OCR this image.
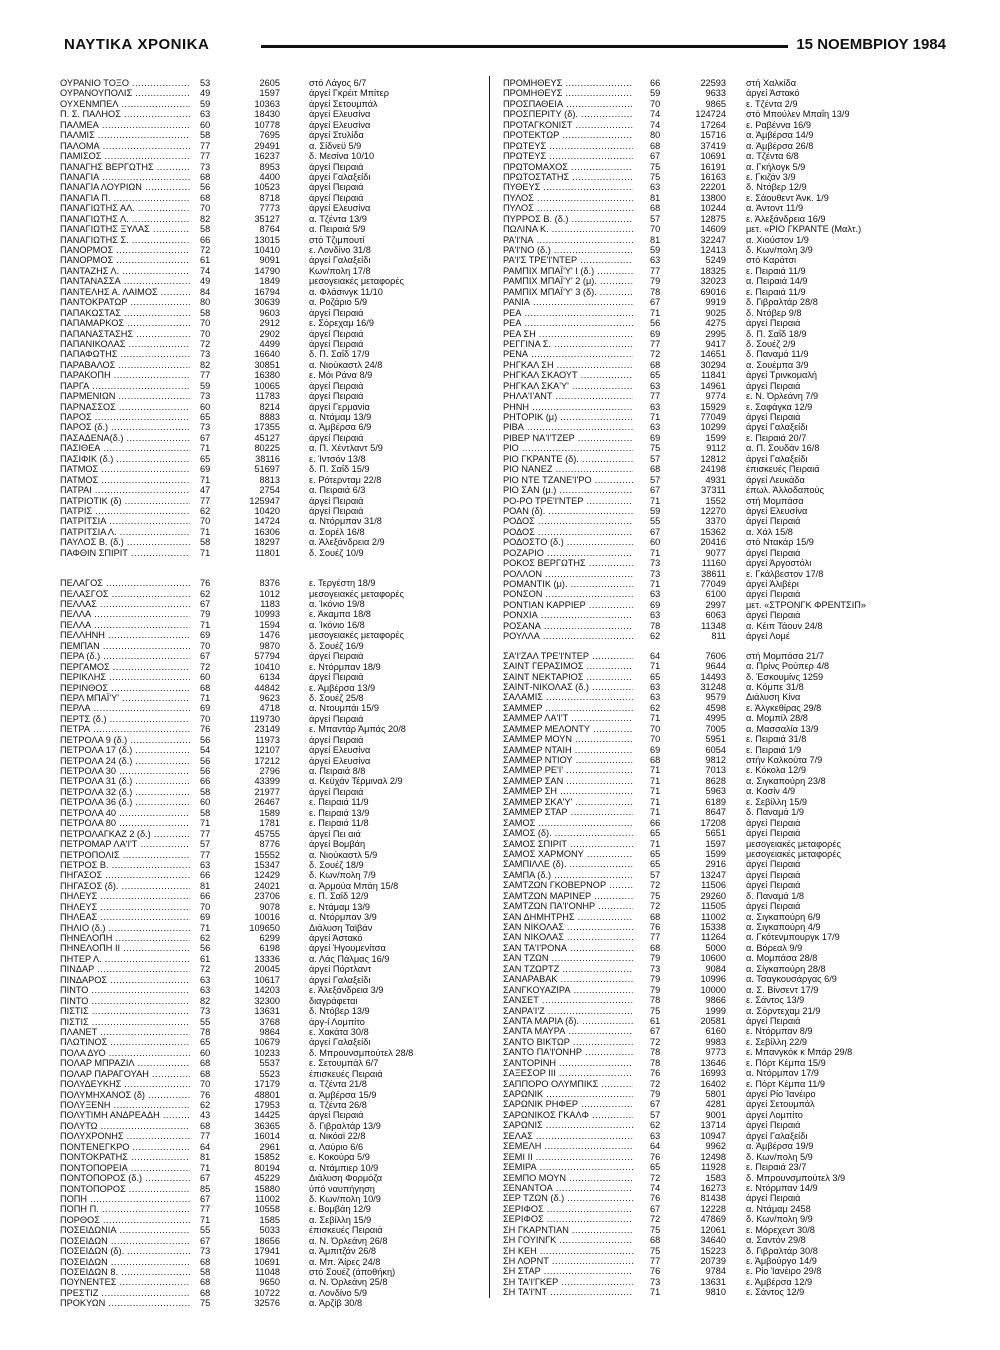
ΝΑΥΤΙΚΑ ΧΡΟΝΙΚΑ	15 ΝΟΕΜΒΡΙΟΥ 1984
ΟΥΡΑΝΙΟ ΤΟΞΟ .....	53	2605	στό Λάγος 6/7
ΟΥΡΑΝΟΥΠΟΛΙΣ .....	49	1597	άργεί Γκρέιτ Μπίτερ
ΟΥΧΕΝΜΠΕΛ .....	59	10363	άργεί Σετουμπάλ
Π. Σ. ΠΑΛΗΟΣ .....	63	18430	άργεί Ελευσίνα
ΠΑΛΜΕΑ .....	60	10778	άργεί Ελευσίνα
ΠΑΛΜΙΣ .....	58	7695	άργεί Στυλίδα
ΠΑΛΟΜΑ .....	77	29491	α. Σίδνεϋ 5/9
ΠΑΜΙΣΟΣ .....	77	16237	δ. Μεσίνα 10/10
ΠΑΝΑΓΗΣ ΒΕΡΓΩΤΗΣ .....	73	8953	άργεί Πειραιά
ΠΑΝΑΓΙΑ .....	68	4400	άργεί Γαλαξείδι
ΠΑΝΑΓΙΑ ΛΟΥΡΙΩΝ .....	56	10523	άργεί Πειραιά
ΠΑΝΑΓΙΑ Π. .....	68	8718	άργεί Πειραιά
ΠΑΝΑΓΙΩΤΗΣ ΑΛ. .....	70	7773	άργεί Ελευσίνα
ΠΑΝΑΓΙΩΤΗΣ Λ. .....	82	35127	α. Τζέντα 13/9
ΠΑΝΑΓΙΩΤΗΣ ΞΥΛΑΣ .....	58	8764	α. Πειραιά 5/9
ΠΑΝΑΓΙΩΤΗΣ Σ. .....	66	13015	στό Τζιμπουτί
ΠΑΝΟΡΜΟΣ .....	72	10410	ε. Λονδίνο 31/8
ΠΑΝΟΡΜΟΣ .....	61	9091	άργεί Γαλαξείδι
ΠΑΝΤΑΖΗΣ Λ. .....	74	14790	Κων/πολη 17/8
ΠΑΝΤΑΝΑΣΣΑ .....	49	1849	μεσογειακές μεταφορές
ΠΑΝΤΕΛΗΣ Α. ΛΑΙΜΟΣ .....	84	16794	α. Φλάσινγκ 11/10
ΠΑΝΤΟΚΡΑΤΩΡ .....	80	30639	α. Ροζάριο 5/9
ΠΑΠΑΚΩΣΤΑΣ .....	58	9603	άργεί Πειραιά
ΠΑΠΑΜΑΡΚΟΣ .....	70	2912	ε. Σόρεχαμ 16/9
ΠΑΠΑΝΑΣΤΑΣΗΣ .....	70	2902	άργεί Πειραιά
ΠΑΠΑΝΙΚΟΛΑΣ .....	72	4499	άργεί Πειραιά
ΠΑΠΑΦΩΤΗΣ .....	73	16640	δ. Π. Σαΐδ 17/9
ΠΑΡΑΒΑΛΟΣ .....	82	30851	α. Νιούκαστλ 24/8
ΠΑΡΑΚΟΠΗ .....	77	16380	ε. Μόι Ράνα 8/9
ΠΑΡΓΑ .....	59	10065	άργεί Πειραιά
ΠΑΡΜΕΝΙΩΝ .....	73	11783	άργεί Πειραιά
ΠΑΡΝΑΣΣΟΣ .....	60	8214	άργεί Γερμανία
ΠΑΡΟΣ .....	65	8883	α. Ντάμαμ 13/9
ΠΑΡΟΣ (δ.) .....	73	17355	α. Άμβέρσα 6/9
ΠΑΣΑΔΕΝΑ(δ.) .....	67	45127	άργεί Πειραιά
ΠΑΣΙΘΕΑ .....	71	80225	α. Π. Χέντλαντ 5/9
ΠΑΣΙΦΙΚ (δ.) .....	65	38116	ε. Ίντσόν 13/8
ΠΑΤΜΟΣ .....	69	51697	δ. Π. Σαΐδ 15/9
ΠΑΤΜΟΣ .....	71	8813	ε. Ρότερνταμ 22/8
ΠΑΤΡΑΙ .....	47	2754	α. Πειραιά 6/3
ΠΑΤΡΙΟΤΙΚ (δ) .....	77	125947	άργεί Πειραιά
ΠΑΤΡΙΣ .....	62	10420	άργεί Πειραιά
ΠΑΤΡΙΤΣΙΑ .....	70	14724	α. Ντόρμπαν 31/8
ΠΑΤΡΙΤΣΙΑ Λ. .....	71	16306	α. Σορέλ 16/8
ΠΑΥΛΟΣ Β. (δ.) .....	58	18297	α. Άλεξάνδρεια 2/9
ΠΑΦΘΙΝ ΣΠΙΡΙΤ .....	71	11801	δ. Σουέζ 10/9
ΠΕΛΑΓΟΣ .....	76	8376	ε. Τεργέστη 18/9
ΠΕΛΑΣΓΟΣ .....	62	1012	μεσογειακές μεταφορές
ΠΕΛΛΑΣ .....	67	1183	α. Ίκόνιο 19/8
ΠΕΛΛΑ .....	79	10993	ε. Άκαμπα 18/8
ΠΕΛΛΑ .....	71	1594	α. Ίκόνιο 16/8
ΠΕΛΛΗΝΗ .....	69	1476	μεσογειακές μεταφορές
ΠΕΜΠΑΝ .....	70	9870	δ. Σουέζ 16/9
ΠΕΡΑ (δ.) .....	67	57794	άργεί Πειραιά
ΠΕΡΓΑΜΟΣ .....	72	10410	ε. Ντόρμπαν 18/9
ΠΕΡΙΚΛΗΣ .....	60	6134	άργεί Πειραιά
ΠΕΡΙΝΘΟΣ .....	68	44842	ε. Άμβέρσα 13/9
ΠΕΡΛ ΜΠΑΪ'Υ' .....	71	9623	δ. Σουέζ 25/8
ΠΕΡΛΑ .....	69	4718	α. Ντουμπάι 15/9
ΠΕΡΤΣ (δ.) .....	70	119730	άργεί Πειραιά
ΠΕΤΡΑ .....	76	23149	ε. Μπαντάρ Άμπάς 20/8
ΠΕΤΡΟΛΑ 9 (δ.) .....	56	11973	άργεί Πειραιά
ΠΕΤΡΟΛΑ 17 (δ.) .....	54	12107	άργεί Ελευσίνα
ΠΕΤΡΟΛΑ 24 (δ.) .....	56	17212	άργεί Ελευσίνα
ΠΕΤΡΟΛΑ 30 .....	56	2796	α. Πειραιά 8/8
ΠΕΤΡΟΛΑ 31 (δ.) .....	66	43399	α. Κεϋχάν Τέρμιναλ 2/9
ΠΕΤΡΟΛΑ 32 (δ.) .....	58	21977	άργεί Πειραιά
ΠΕΤΡΟΛΑ 36 (δ.) .....	60	26467	ε. Πειραιά 11/9
ΠΕΤΡΟΛΑ 40 .....	58	1589	ε. Πειραιά 13/9
ΠΕΤΡΟΛΑ 80 .....	71	1781	ε. Πειραιά 11/8
ΠΕΤΡΟΛΑΓΚΑΖ 2 (δ.) .....	77	45755	άργεί Πει αιά
ΠΕΤΡΟΜΑΡ ΛΑ'Ι'Τ .....	57	8776	άργεί Βομβάη
ΠΕΤΡΟΠΟΛΙΣ .....	77	15552	α. Νιούκαστλ 5/9
ΠΕΤΡΟΣ Β. .....	63	15347	δ. Σουέζ 18/9
ΠΗΓΑΣΟΣ .....	66	12429	δ. Κων/πολη 7/9
ΠΗΓΑΣΟΣ (δ). .....	81	24021	α. Άρμούα Μπάη 15/8
ΠΗΛΕΥΣ .....	66	23706	ε. Π. Σαΐδ 12/9
ΠΗΛΕΥΣ .....	70	9078	ε. Ντάμαμ 13/9
ΠΗΛΕΑΣ .....	69	10016	α. Ντόρμπαν 3/9
ΠΗΛΙΟ (δ.) .....	71	109650	Διάλυση Ταϊβάν
ΠΗΝΕΛΟΠΗ .....	62	6299	άργεί Άστακό
ΠΗΝΕΛΟΠΗ ΙΙ .....	56	6198	άργεί Ήγουμενίτσα
ΠΗΤΕΡ Λ. .....	61	13336	α. Λάς Πάλμας 16/9
ΠΙΝΔΑΡ .....	72	20045	άργεί Πόρτλαντ
ΠΙΝΔΑΡΟΣ .....	63	10617	άργεί Γαλαξείδι
ΠΙΝΤΟ .....	63	14203	ε. Άλεξάνδρεια 3/9
ΠΙΝΤΟ .....	82	32300	διαγράφεται
ΠΙΣΤΙΣ .....	73	13631	δ. Ντόβερ 13/9
ΠΙΣΤΙΣ .....	55	3768	άργ-ί Λομπίτο
ΠΛΑΝΕΤ .....	78	9864	ε. Χακάτα 30/8
ΠΛΩΤΙΝΟΣ .....	65	10679	άργεί Γαλαξείδι
ΠΟΛΑ ΔΥΟ .....	60	10233	δ. Μπρουνσμπούτελ 28/8
ΠΟΛΑΡ ΜΠΡΑΖΙΛ .....	68	5537	ε. Σετουμπάλ 6/7
ΠΟΛΑΡ ΠΑΡΑΓΟΥΑΗ .....	68	5523	έπισκευές Πειραιά
ΠΟΛΥΔΕΥΚΗΣ .....	70	17179	α. Τζέντα 21/8
ΠΟΛΥΜΗΧΑΝΟΣ (δ) .....	76	48801	α. Άμβέρσα 15/9
ΠΟΛΥΞΕΝΗ .....	62	17953	α. Τζέντα 26/8
ΠΟΛΥΤΙΜΗ ΑΝΔΡΕΑΔΗ .....	43	14425	άργεί Πειραιά
ΠΟΛΥΤΩ .....	68	36365	δ. Γιβραλτάρ 13/9
ΠΟΛΥΧΡΟΝΗΣ .....	77	16014	α. Νικόαϊ 22/8
ΠΟΝΤΕΝΕΓΚΡΟ .....	64	2961	α. Λαύριο 6/6
ΠΟΝΤΟΚΡΑΤΗΣ .....	81	15852	ε. Κοκούρα 5/9
ΠΟΝΤΟΠΟΡΕΙΑ .....	71	80194	α. Ντάμπιερ 10/9
ΠΟΝΤΟΠΟΡΟΣ (δ.) .....	67	45229	Διάλυση Φορμόζα
ΠΟΝΤΟΠΟΡΟΣ .....	85	15880	ύπό ναυπήγηση
ΠΟΠΗ .....	67	11002	δ. Κων/πολη 10/9
ΠΟΠΗ Π. .....	77	10558	ε. Βομβάη 12/9
ΠΟΡΘΟΣ .....	71	1585	α. Σεβίλλη 15/9
ΠΟΣΕΙΔΩΝΙΑ .....	55	5033	έπισκευές Πειραιά
ΠΟΣΕΙΔΩΝ .....	67	18656	α. Ν. Όρλεάνη 26/8
ΠΟΣΕΙΔΩΝ (δ). .....	73	17941	α. Άμπιτζάν 26/8
ΠΟΣΕΙΔΩΝ .....	68	10691	α. Μπ. Άίρες 24/8
ΠΟΣΕΙΔΩΝ 8. .....	58	11048	στό Σουέζ (άποθήκη)
ΠΟΥΝΕΝΤΕΣ .....	68	9650	α. Ν. Όρλεάνη 25/8
ΠΡΕΣΤΙΖ .....	68	10722	α. Λονδίνο 5/9
ΠΡΟΚΥΩΝ .....	75	32576	α. Άρζίβ 30/8
ΠΡΟΜΗΘΕΥΣ .....	66	22593 στή Χαλκίδα
ΠΡΟΜΗΘΕΥΣ .....	59	9633 άργεί Άστακό
ΠΡΟΣΠΑΘΕΙΑ .....	70	9865 ε. Τζέντα 2/9
ΠΡΟΣΠΕΡΙΤΥ (δ). .....	74	124724 στό Μπούλεν Μπαΐη 13/9
ΠΡΟΤΑΓΚΟΝΙΣΤ .....	74	17264 ε. Ραβέννα 16/9
ΠΡΟΤΕΚΤΩΡ .....	80	15716 α. Άμβέρσα 14/9
ΠΡΩΤΕΥΣ .....	68	37419 α. Άμβέρσα 26/8
ΠΡΩΤΕΥΣ .....	67	10691 α. Τζέντα 6/8
ΠΡΩΤΟΜΑΧΟΣ .....	75	16191 α. Γκήλογκ 5/9
ΠΡΩΤΟΣΤΑΤΗΣ .....	75	16163 ε. Γκιζάν 3/9
ΠΥΘΕΥΣ .....	63	22201 δ. Ντόβερ 12/9
ΠΥΛΟΣ .....	81	13800 ε. Σάουθεντ Άνκ. 1/9
ΠΥΛΟΣ .....	68	10244 α. Άντοντ 11/9
ΠΥΡΡΟΣ Β. (δ.) .....	57	12875 ε. Άλεξάνδρεια 16/9
ΠΩΛΙΝΑ Κ. .....	70	14609 μετ. «ΡΙΟ ΓΚΡΑΝΤΕ (Μαλτ.)
ΡΑ'Ι'ΝΑ .....	81	32247 α. Χιούστον 1/9
ΡΑ'Ι'ΝΟ (δ.) .....	59	12413 δ. Κων/πολη 3/9
ΡΑ'Ι'Σ ΤΡΕ'Ι'ΝΤΕΡ .....	63	5249 στό Καράτσι
ΡΑΜΠΙΧ ΜΠΑΪ'Υ' Ι (δ.) .....	77	18325 ε. Πειραιά 11/9
ΡΑΜΠΙΧ ΜΠΑΪ'Υ' 2 (μ). .....	79	32023 α. Πειραιά 14/9
ΡΑΜΠΙΧ ΜΠΑΪ'Υ' 3 (δ). .....	78	69016 ε. Πειραιά 11/9
ΡΑΝΙΑ .....	67	9919 δ. Γιβραλτάρ 28/8
ΡΕΑ .....	71	9025 δ. Ντόβερ 9/8
ΡΕΑ .....	56	4275 άργεί Πειραιά
ΡΕΑ ΣΗ .....	69	2995 δ. Π. Σαΐδ 18/9
ΡΕΓΓΙΝΑ Σ. .....	77	9417 δ. Σουέζ 2/9
ΡΕΝΑ .....	72	14651 δ. Παναμά 11/9
ΡΗΓΚΑΛ ΣΗ .....	68	30294 α. Σουέμπα 3/9
ΡΗΓΚΑΛ ΣΚΑΟΥΤ .....	65	11841 άργεί Τρινκομαλή
ΡΗΓΚΑΛ ΣΚΑ'Υ' .....	63	14961 άργεί Πειραιά
ΡΗΛΑ'Ι'ΑΝΤ .....	77	9774 ε. Ν. Όρλεάνη 7/9
ΡΗΝΗ .....	63	15929 ε. Σαφάγκα 12/9
ΡΗΤΟΡΙΚ (μ) .....	71	77049 άργεί Πειραιά
ΡΙΒΑ .....	63	10299 άργεί Γαλαξείδι
ΡΙΒΕΡ ΝΑ'Ι'ΤΖΕΡ .....	69	1599 ε. Πειραιά 20/7
ΡΙΟ .....	75	9112 α. Π. Σουδάν 16/8
ΡΙΟ ΓΚΡΑΝΤΕ (δ). .....	57	12812 άργεί Γαλαξείδι
ΡΙΟ ΝΑΝΕΖ .....	68	24198 έπισκευές Πειραιά
ΡΙΟ ΝΤΕ ΤΖΑΝΕ'Ι'ΡΟ .....	57	4931 άργεί Λευκάδα
ΡΙΟ ΣΑΝ (μ.) .....	67	37311 έπωλ. Άλλοδαπούς
ΡΟ-ΡΟ ΤΡΕ'Ι'ΝΤΕΡ .....	71	1552 στή Μομπάσα
ΡΟΑΝ (δ). .....	59	12270 άργεί Ελευσίνα
ΡΟΔΟΣ .....	55	3370 άργεί Πειραιά
ΡΟΔΟΣ .....	67	15362 α. Χάλ 15/8
ΡΟΔΟΣΤΟ (δ.) .....	60	20416 στό Ντακάρ 15/9
ΡΟΖΑΡΙΟ .....	71	9077 άργεί Πειραιά
ΡΟΚΟΣ ΒΕΡΓΩΤΗΣ .....	73	11160 άργεί Άργοστόλι
ΡΟΛΛΟΝ .....	73	38611 ε. Γκάλβεστον 17/8
ΡΟΜΑΝΤΙΚ (μ). .....	71	77049 άργεί Άλιβέρι
ΡΟΝΣΟΝ .....	63	6100 άργεί Πειραιά
ΡΟΝΤΙΑΝ ΚΑΡΡΙΕΡ .....	69	2997 μετ. «ΣΤΡΟΝΓΚ ΦΡΕΝΤΣΙΠ»
ΡΟΝΧΙΑ .....	63	6063 άργεί Πειραιά
ΡΟΣΑΝΑ .....	78	11348 α. Κέιπ Τάουν 24/8
ΡΟΥΛΛΑ .....	62	811 άργεί Λομέ
ΣΑ'Ι'ΖΑΛ ΤΡΕ'Ι'ΝΤΕΡ .....	64	7606 στή Μομπάσα 21/7
ΣΑΙΝΤ ΓΕΡΑΣΙΜΟΣ .....	71	9644 α. Πρίνς Ρούπερ 4/8
ΣΑΙΝΤ ΝΕΚΤΑΡΙΟΣ .....	65	14493 δ. Έσκουμίνς 1259
ΣΑΙΝΤ-ΝΙΚΟΛΑΣ (δ.) .....	63	31248 α. Κόμπε 31/8
ΣΑΛΑΜΙΣ .....	63	9579 Διάλυση Κίνα
ΣΑΜΜΕΡ .....	62	4598 ε. Άλγκεθίρας 29/8
ΣΑΜΜΕΡ ΛΑ'Ι'Τ .....	71	4995 α. Μομπίλ 28/8
ΣΑΜΜΕΡ ΜΕΛΟΝΤΥ .....	70	7005 α. Μασσαλία 13/9
ΣΑΜΜΕΡ ΜΟΥΝ .....	70	5951 ε. Πειραιά 31/8
ΣΑΜΜΕΡ ΝΤΑΙΗ .....	69	6054 ε. Πειραιά 1/9
ΣΑΜΜΕΡ ΝΤΙΟΥ .....	68	9812 στήν Καλκούτα 7/9
ΣΑΜΜΕΡ ΡΕ'Ι' .....	71	7013 ε. Κόκολα 12/9
ΣΑΜΜΕΡ ΣΑΝ .....	71	8628 α. Σιγκαπούρη 23/8
ΣΑΜΜΕΡ ΣΗ .....	71	5963 α. Κοσίν 4/9
ΣΑΜΜΕΡ ΣΚΑ'Υ' .....	71	6189 ε. Σεβίλλη 15/9
ΣΑΜΜΕΡ ΣΤΑΡ .....	71	8647 δ. Παναμά 1/9
ΣΑΜΟΣ .....	66	17208 άργεί Πειραιά
ΣΑΜΟΣ (δ). .....	65	5651 άργεί Πειραιά
ΣΑΜΟΣ ΣΠΙΡΙΤ .....	71	1597 μεσογειακές μεταφορές
ΣΑΜΟΣ ΧΑΡΜΟΝΥ .....	65	1599 μεσογειακές μεταφορές
ΣΑΜΠΙΛΛΕ (δ). .....	65	2916 άργεί Πειραιά
ΣΑΜΠΑ (δ.) .....	57	13247 άργεί Πειραιά
ΣΑΜΤΖΩΝ ΓΚΟΒΕΡΝΟΡ .....	72	11506 άργεί Πειραιά
ΣΑΜΤΖΩΝ ΜΑΡΙΝΕΡ .....	75	29260 δ. Παναμά 1/8
ΣΑΜΤΖΩΝ ΠΑ'Ι'ΟΝΗΡ .....	72	11505 άργεί Πειραιά
ΣΑΝ ΔΗΜΗΤΡΗΣ .....	68	11002 α. Σιγκαπούρη 6/9
ΣΑΝ ΝΙΚΟΛΑΣ .....	76	15338 α. Σιγκαπούρη 4/9
ΣΑΝ ΝΙΚΟΛΑΣ .....	77	11264 α. Γκότενμπουργκ 17/9
ΣΑΝ ΤΑ'Ι'ΡΟΝΑ .....	68	5000 α. Βόρεαλ 9/9
ΣΑΝ ΤΖΩΝ .....	79	10600 α. Μομπάσα 28/8
ΣΑΝ ΤΖΩΡΤΖ .....	73	9084 α. Σίγκαπούρη 28/8
ΣΑΝΑΡΑΒΑΚ .....	79	10996 α. Τσαγκουσάργας 6/9
ΣΑΝΓΚΟΥΑΖΙΡΑ .....	79	10000 α. Σ. Βίνσεντ 17/9
ΣΑΝΣΕΤ .....	78	9866 ε. Σάντος 13/9
ΣΑΝΡΑ'Ι'Ζ .....	75	1999 α. Σόρντεχαμ 21/9
ΣΑΝΤΑ ΜΑΡΙΑ (δ). .....	61	20581 άργεί Πειραιά
ΣΑΝΤΑ ΜΑΥΡΑ .....	67	6160 ε. Ντόρμπαν 8/9
ΣΑΝΤΟ ΒΙΚΤΩΡ .....	72	9983 ε. Σεβίλλη 22/9
ΣΑΝΤΟ ΠΑ'Ι'ΟΝΗΡ .....	78	9773 ε. Μπανγκόκ κ Μπάρ 29/8
ΣΑΝΤΟΡΙΝΗ .....	78	13646 ε. Πόρτ Κέμπα 15/9
ΣΑΞΕΣΟΡ ΙΙΙ .....	76	16993 α. Ντόρμπαν 17/9
ΣΑΠΠΟΡΟ ΟΛΥΜΠΙΚΣ .....	72	16402 ε. Πόρτ Κέμπα 11/9
ΣΑΡΩΝΙΚ .....	79	5801 άργεί Ρίο Ίανέιρο
ΣΑΡΩΝΙΚ ΡΗΦΕΡ .....	67	4281 άργεί Σετουμπάλ
ΣΑΡΩΝΙΚΟΣ ΓΚΑΛΦ .....	57	9001 άργεί Λομπίτο
ΣΑΡΩΝΙΣ .....	62	13714 άργεί Πειραιά
ΣΕΛΑΣ .....	63	10947 άργεί Γαλαξείδι
ΣΕΜΕΛΗ .....	64	9962 α. Άμβέρσα 19/9
ΣΕΜΙ ΙΙ .....	76	12498 δ. Κων/πολη 5/9
ΣΕΜΙΡΑ .....	65	11928 ε. Πειραιά 23/7
ΣΕΜΠΟ ΜΟΥΝ .....	72	1583 δ. Μπρουνσμπούτελ 3/9
ΣΕΝΑΝΤΟΑ .....	74	16273 ε. Ντόρμπαν 14/9
ΣΕΡ ΤΖΩΝ (δ.) .....	76	81438 άργεί Πειραιά
ΣΕΡΙΦΟΣ .....	67	12228 α. Ντάμαμ 2458
ΣΕΡΙΦΟΣ .....	72	47869 δ. Κων/πολη 9/9
ΣΗ ΓΚΑΡΝΤΙΑΝ .....	75	12061 ε. Μόρεχεντ 30/8
ΣΗ ΓΟΥΙΝΓΚ .....	68	34640 α. Σαντόν 29/8
ΣΗ ΚΕΗ .....	75	15223 δ. Γιβραλτάρ 30/8
ΣΗ ΛΟΡΝΤ .....	77	20739 ε. Άμβούργο 14/9
ΣΗ ΣΤΑΡ .....	76	9784 ε. Ρίο Ίανέιρο 29/8
ΣΗ ΤΑ'Ι'ΓΚΕΡ .....	73	13631 ε. Άμβέρσα 12/9
ΣΗ ΤΑ'Ι'ΝΤ .....	71	9810 ε. Σάντος 12/9
